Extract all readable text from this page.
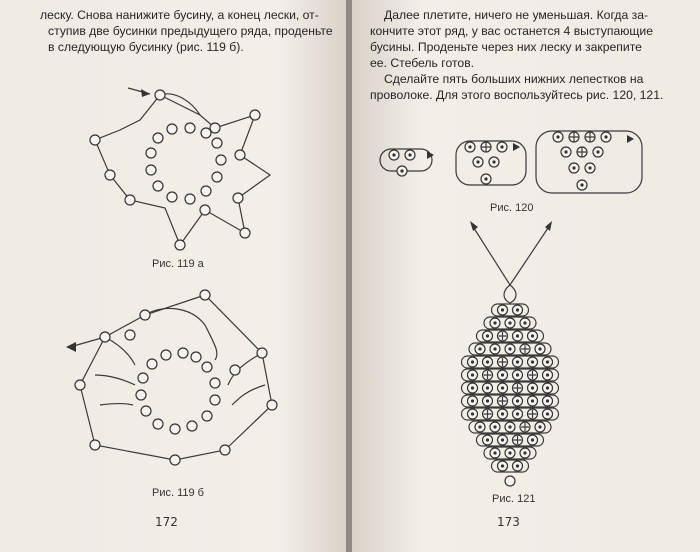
леску. Снова нанижите бусину, а конец лески, от-

ступив две бусинки предыдущего ряда, проденьте

в следующую бусинку (рис. 119 б).

Рис. 119 а
Рис. 119 б
172

Далее плетите, ничего не уменьшая. Когда за-

кончите этот ряд, у вас останется 4 выступающие

бусины. Проденьте через них леску и закрепите

ее. Стебель готов.

Сделайте пять больших нижних лепестков на

проволоке. Для этого воспользуйтесь рис. 120, 121.

Рис. 120
Рис. 121
173
